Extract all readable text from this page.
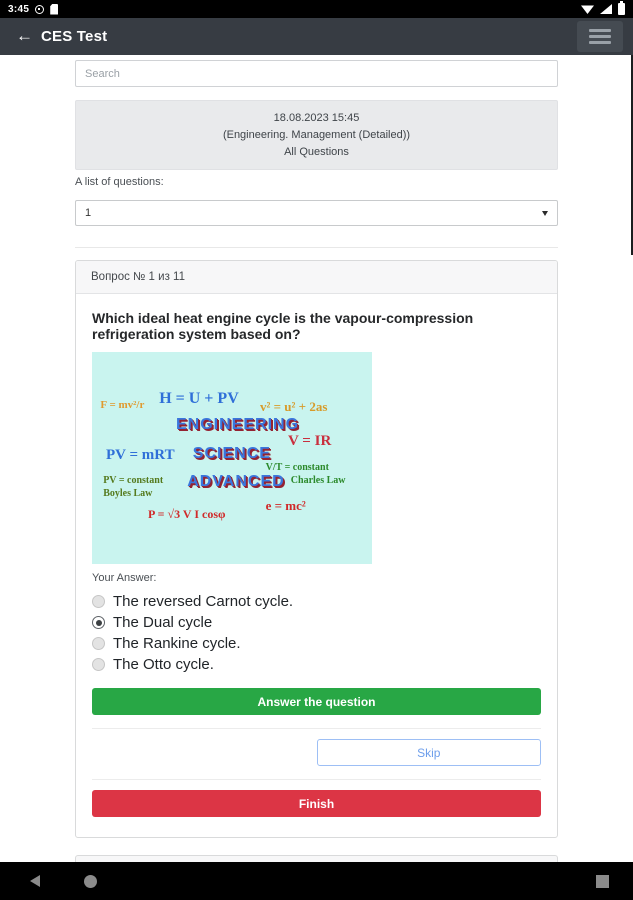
3:45
← CES Test
Search
18.08.2023 15:45
(Engineering. Management (Detailed))
All Questions
A list of questions:
1
Вопрос № 1 из 11
Which ideal heat engine cycle is the vapour-compression refrigeration system based on?
F = mv²/r H = U + PV v² = u² + 2as
ENGINEERING
V = IR
PV = mRT SCIENCE
V/T = constant
Charles Law
PV = constant
Boyles Law
ADVANCED
P = √3 V I cosφ
e = mc²
Your Answer:
The reversed Carnot cycle.
The Dual cycle
The Rankine cycle.
The Otto cycle.
Answer the question
Skip
Finish
